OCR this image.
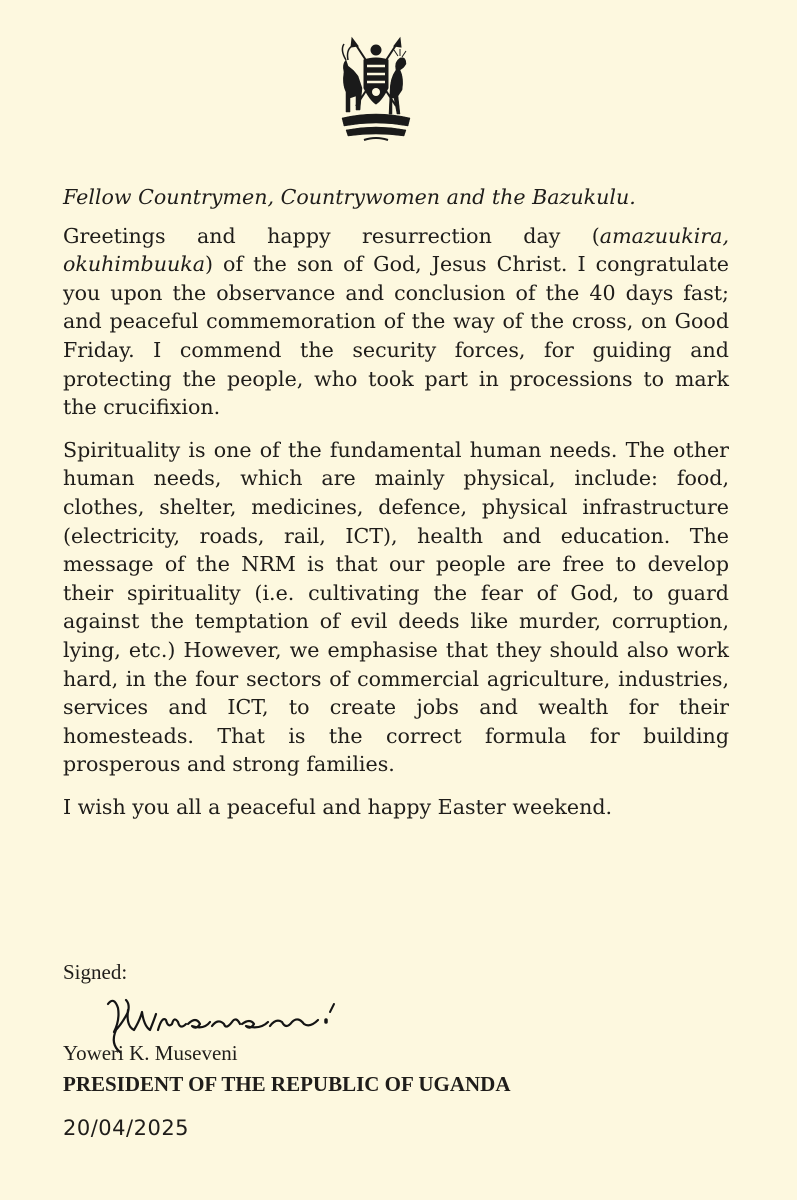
Fellow Countrymen, Countrywomen and the Bazukulu.

Greetings and happy resurrection day (amazuukira, okuhimbuuka) of the son of God, Jesus Christ. I congratulate you upon the observance and conclusion of the 40 days fast; and peaceful commemoration of the way of the cross, on Good Friday. I commend the security forces, for guiding and protecting the people, who took part in processions to mark the crucifixion.

Spirituality is one of the fundamental human needs. The other human needs, which are mainly physical, include: food, clothes, shelter, medicines, defence, physical infrastructure (electricity, roads, rail, ICT), health and education. The message of the NRM is that our people are free to develop their spirituality (i.e. cultivating the fear of God, to guard against the temptation of evil deeds like murder, corruption, lying, etc.) However, we emphasise that they should also work hard, in the four sectors of commercial agriculture, industries, services and ICT, to create jobs and wealth for their homesteads. That is the correct formula for building prosperous and strong families.

I wish you all a peaceful and happy Easter weekend.

Signed:
Yoweri K. Museveni
PRESIDENT OF THE REPUBLIC OF UGANDA
20/04/2025
